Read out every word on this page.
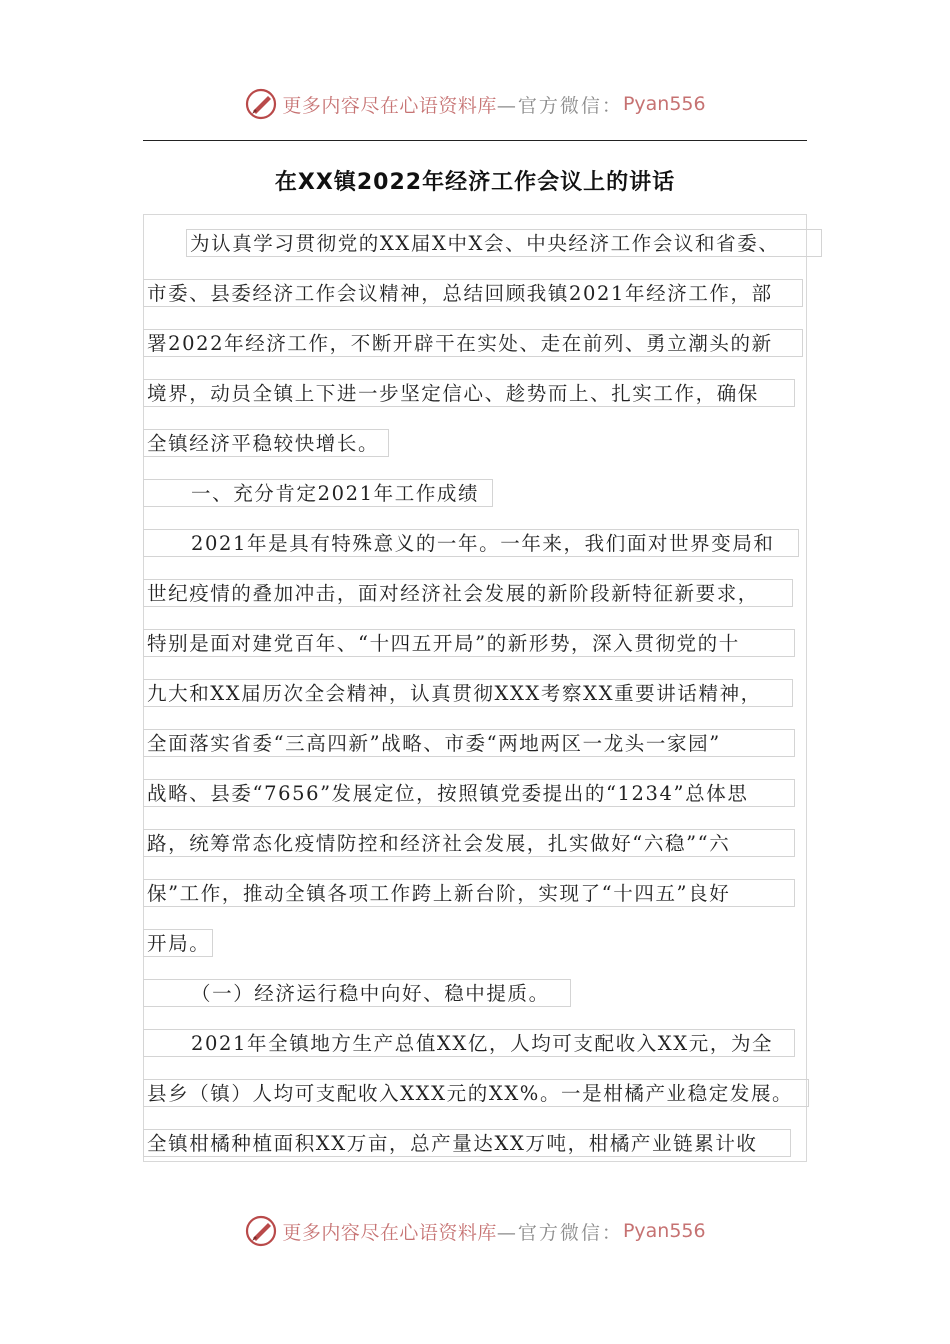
更多内容尽在心语资料库 —官方微信： Pyan556
在XX镇2022年经济工作会议上的讲话
为认真学习贯彻党的XX届X中X会、中央经济工作会议和省委、
市委、县委经济工作会议精神，总结回顾我镇2021年经济工作，部
署2022年经济工作，不断开辟干在实处、走在前列、勇立潮头的新
境界，动员全镇上下进一步坚定信心、趁势而上、扎实工作，确保
全镇经济平稳较快增长。
一、充分肯定2021年工作成绩
2021年是具有特殊意义的一年。一年来，我们面对世界变局和
世纪疫情的叠加冲击，面对经济社会发展的新阶段新特征新要求，
特别是面对建党百年、“十四五开局”的新形势，深入贯彻党的十
九大和XX届历次全会精神，认真贯彻XXX考察XX重要讲话精神，
全面落实省委“三高四新”战略、市委“两地两区一龙头一家园”
战略、县委“7656”发展定位，按照镇党委提出的“1234”总体思
路，统筹常态化疫情防控和经济社会发展，扎实做好“六稳”“六
保”工作，推动全镇各项工作跨上新台阶，实现了“十四五”良好
开局。
（一）经济运行稳中向好、稳中提质。
2021年全镇地方生产总值XX亿，人均可支配收入XX元，为全
县乡（镇）人均可支配收入XXX元的XX%。一是柑橘产业稳定发展。
全镇柑橘种植面积XX万亩，总产量达XX万吨，柑橘产业链累计收
更多内容尽在心语资料库 —官方微信： Pyan556
